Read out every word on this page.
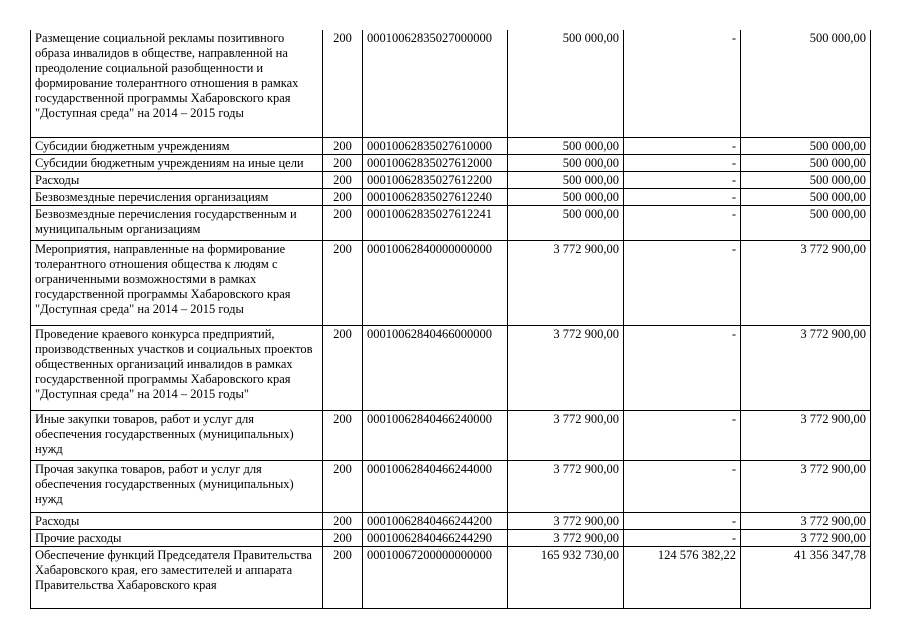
Размещение социальной рекламы позитивного образа инвалидов в обществе, направленной на преодоление социальной разобщенности и формирование толерантного отношения в рамках государственной программы Хабаровского края "Доступная среда" на 2014 – 2015 годы	200	00010062835027000000	500 000,00	-	500 000,00
Субсидии бюджетным учреждениям	200	00010062835027610000	500 000,00	-	500 000,00
Субсидии бюджетным учреждениям на иные цели	200	00010062835027612000	500 000,00	-	500 000,00
Расходы	200	00010062835027612200	500 000,00	-	500 000,00
Безвозмездные перечисления организациям	200	00010062835027612240	500 000,00	-	500 000,00
Безвозмездные перечисления государственным и муниципальным организациям	200	00010062835027612241	500 000,00	-	500 000,00
Мероприятия, направленные на формирование толерантного отношения общества к людям с ограниченными возможностями в рамках государственной программы Хабаровского края "Доступная среда" на 2014 – 2015 годы	200	00010062840000000000	3 772 900,00	-	3 772 900,00
Проведение краевого конкурса предприятий, производственных участков и социальных проектов общественных организаций инвалидов в рамках государственной программы Хабаровского края "Доступная среда" на 2014 – 2015 годы"	200	00010062840466000000	3 772 900,00	-	3 772 900,00
Иные закупки товаров, работ и услуг для обеспечения государственных (муниципальных) нужд	200	00010062840466240000	3 772 900,00	-	3 772 900,00
Прочая закупка товаров, работ и услуг для обеспечения государственных (муниципальных) нужд	200	00010062840466244000	3 772 900,00	-	3 772 900,00
Расходы	200	00010062840466244200	3 772 900,00	-	3 772 900,00
Прочие расходы	200	00010062840466244290	3 772 900,00	-	3 772 900,00
Обеспечение функций Председателя Правительства Хабаровского края, его заместителей и аппарата Правительства Хабаровского края	200	00010067200000000000	165 932 730,00	124 576 382,22	41 356 347,78
